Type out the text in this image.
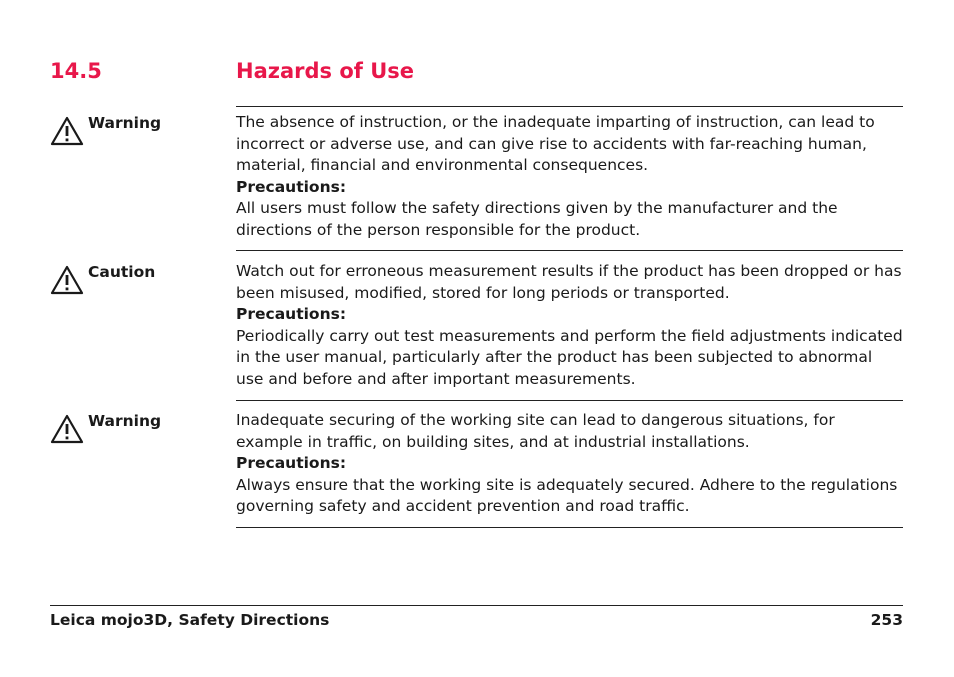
14.5	Hazards of Use
Warning	The absence of instruction, or the inadequate imparting of instruction, can lead to incorrect or adverse use, and can give rise to accidents with far-reaching human, material, financial and environmental consequences.

Precautions:

All users must follow the safety directions given by the manufacturer and the directions of the person responsible for the product.

Caution	Watch out for erroneous measurement results if the product has been dropped or has been misused, modified, stored for long periods or transported.

Precautions:

Periodically carry out test measurements and perform the field adjustments indicated in the user manual, particularly after the product has been subjected to abnormal use and before and after important measurements.

Warning	Inadequate securing of the working site can lead to dangerous situations, for example in traffic, on building sites, and at industrial installations.

Precautions:

Always ensure that the working site is adequately secured. Adhere to the regulations governing safety and accident prevention and road traffic.

Leica mojo3D, Safety Directions	253
